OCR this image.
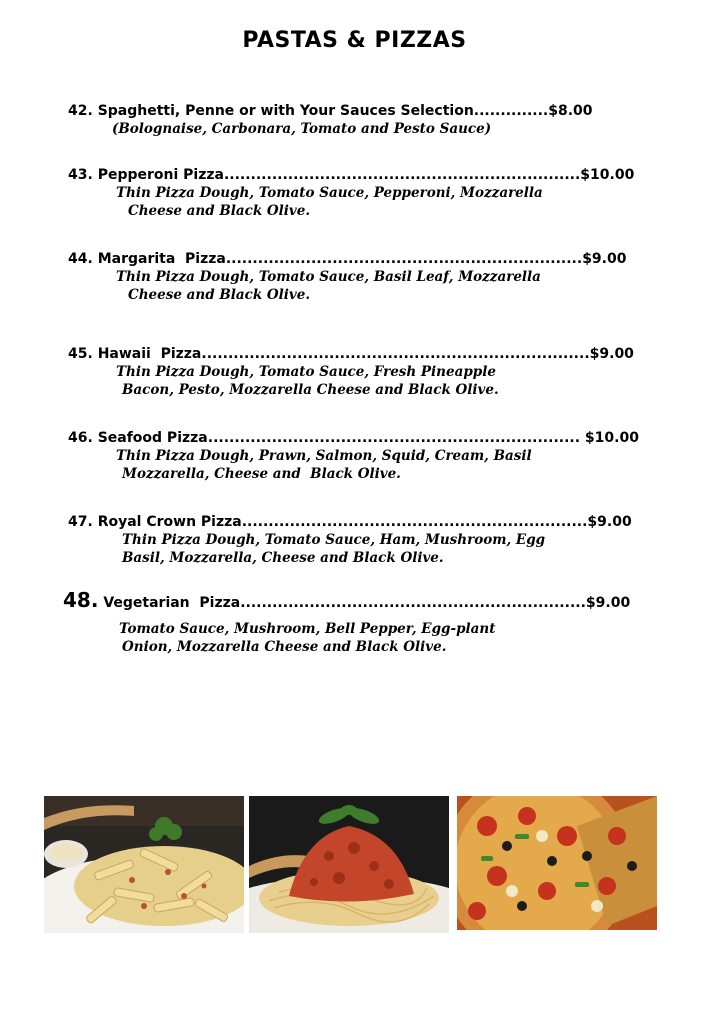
PASTAS & PIZZAS
42. Spaghetti, Penne or with Your Sauces Selection..............$8.00
(Bolognaise, Carbonara, Tomato and Pesto Sauce)
43. Pepperoni Pizza...................................................................$10.00
Thin Pizza Dough, Tomato Sauce, Pepperoni, Mozzarella
Cheese and Black Olive.
44. Margarita  Pizza...................................................................$9.00
Thin Pizza Dough, Tomato Sauce, Basil Leaf, Mozzarella
Cheese and Black Olive.
45. Hawaii  Pizza.........................................................................$9.00
Thin Pizza Dough, Tomato Sauce, Fresh Pineapple
Bacon, Pesto, Mozzarella Cheese and Black Olive.
46. Seafood Pizza...................................................................... $10.00
Thin Pizza Dough, Prawn, Salmon, Squid, Cream, Basil
Mozzarella, Cheese and  Black Olive.
47. Royal Crown Pizza.................................................................$9.00
Thin Pizza Dough, Tomato Sauce, Ham, Mushroom, Egg
Basil, Mozzarella, Cheese and Black Olive.
48. Vegetarian  Pizza.................................................................$9.00
Tomato Sauce, Mushroom, Bell Pepper, Egg-plant
Onion, Mozzarella Cheese and Black Olive.
